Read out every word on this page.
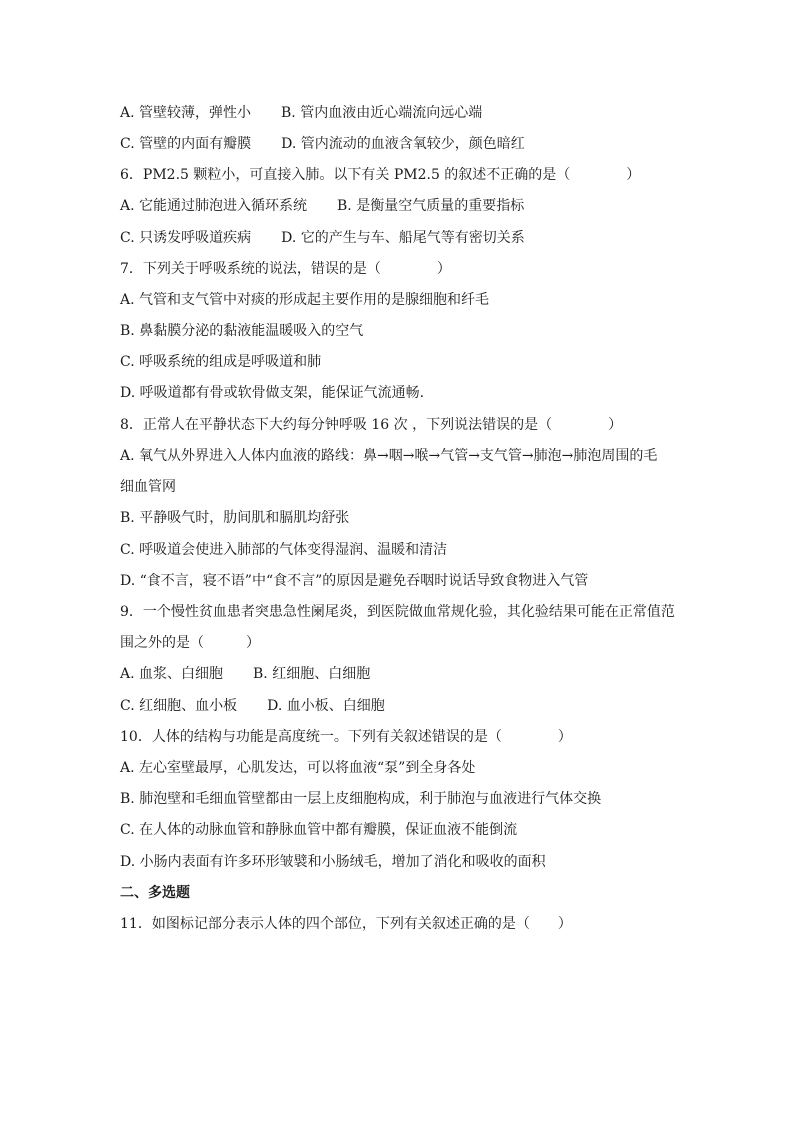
A. 管壁较薄，弹性小 B. 管内血液由近心端流向远心端
C. 管壁的内面有瓣膜 D. 管内流动的血液含氧较少，颜色暗红
6．PM2.5 颗粒小，可直接入肺。以下有关 PM2.5 的叙述不正确的是（　　　　）
A. 它能通过肺泡进入循环系统 B. 是衡量空气质量的重要指标
C. 只诱发呼吸道疾病 D. 它的产生与车、船尾气等有密切关系
7．下列关于呼吸系统的说法，错误的是（　　　　）
A. 气管和支气管中对痰的形成起主要作用的是腺细胞和纤毛
B. 鼻黏膜分泌的黏液能温暖吸入的空气
C. 呼吸系统的组成是呼吸道和肺
D. 呼吸道都有骨或软骨做支架，能保证气流通畅.
8．正常人在平静状态下大约每分钟呼吸 16 次 ，下列说法错误的是（　　　　）
A. 氧气从外界进入人体内血液的路线：鼻→咽→喉→气管→支气管→肺泡→肺泡周围的毛
细血管网
B. 平静吸气时，肋间肌和膈肌均舒张
C. 呼吸道会使进入肺部的气体变得湿润、温暖和清洁
D. “食不言，寝不语”中“食不言”的原因是避免吞咽时说话导致食物进入气管
9．一个慢性贫血患者突患急性阑尾炎，到医院做血常规化验，其化验结果可能在正常值范
围之外的是（　　　）
A. 血浆、白细胞 B. 红细胞、白细胞
C. 红细胞、血小板 D. 血小板、白细胞
10．人体的结构与功能是高度统一。下列有关叙述错误的是（　　　　）
A. 左心室壁最厚，心肌发达，可以将血液“泵”到全身各处
B. 肺泡壁和毛细血管壁都由一层上皮细胞构成，利于肺泡与血液进行气体交换
C. 在人体的动脉血管和静脉血管中都有瓣膜，保证血液不能倒流
D. 小肠内表面有许多环形皱襞和小肠绒毛，增加了消化和吸收的面积
二、多选题
11．如图标记部分表示人体的四个部位，下列有关叙述正确的是（　　）
